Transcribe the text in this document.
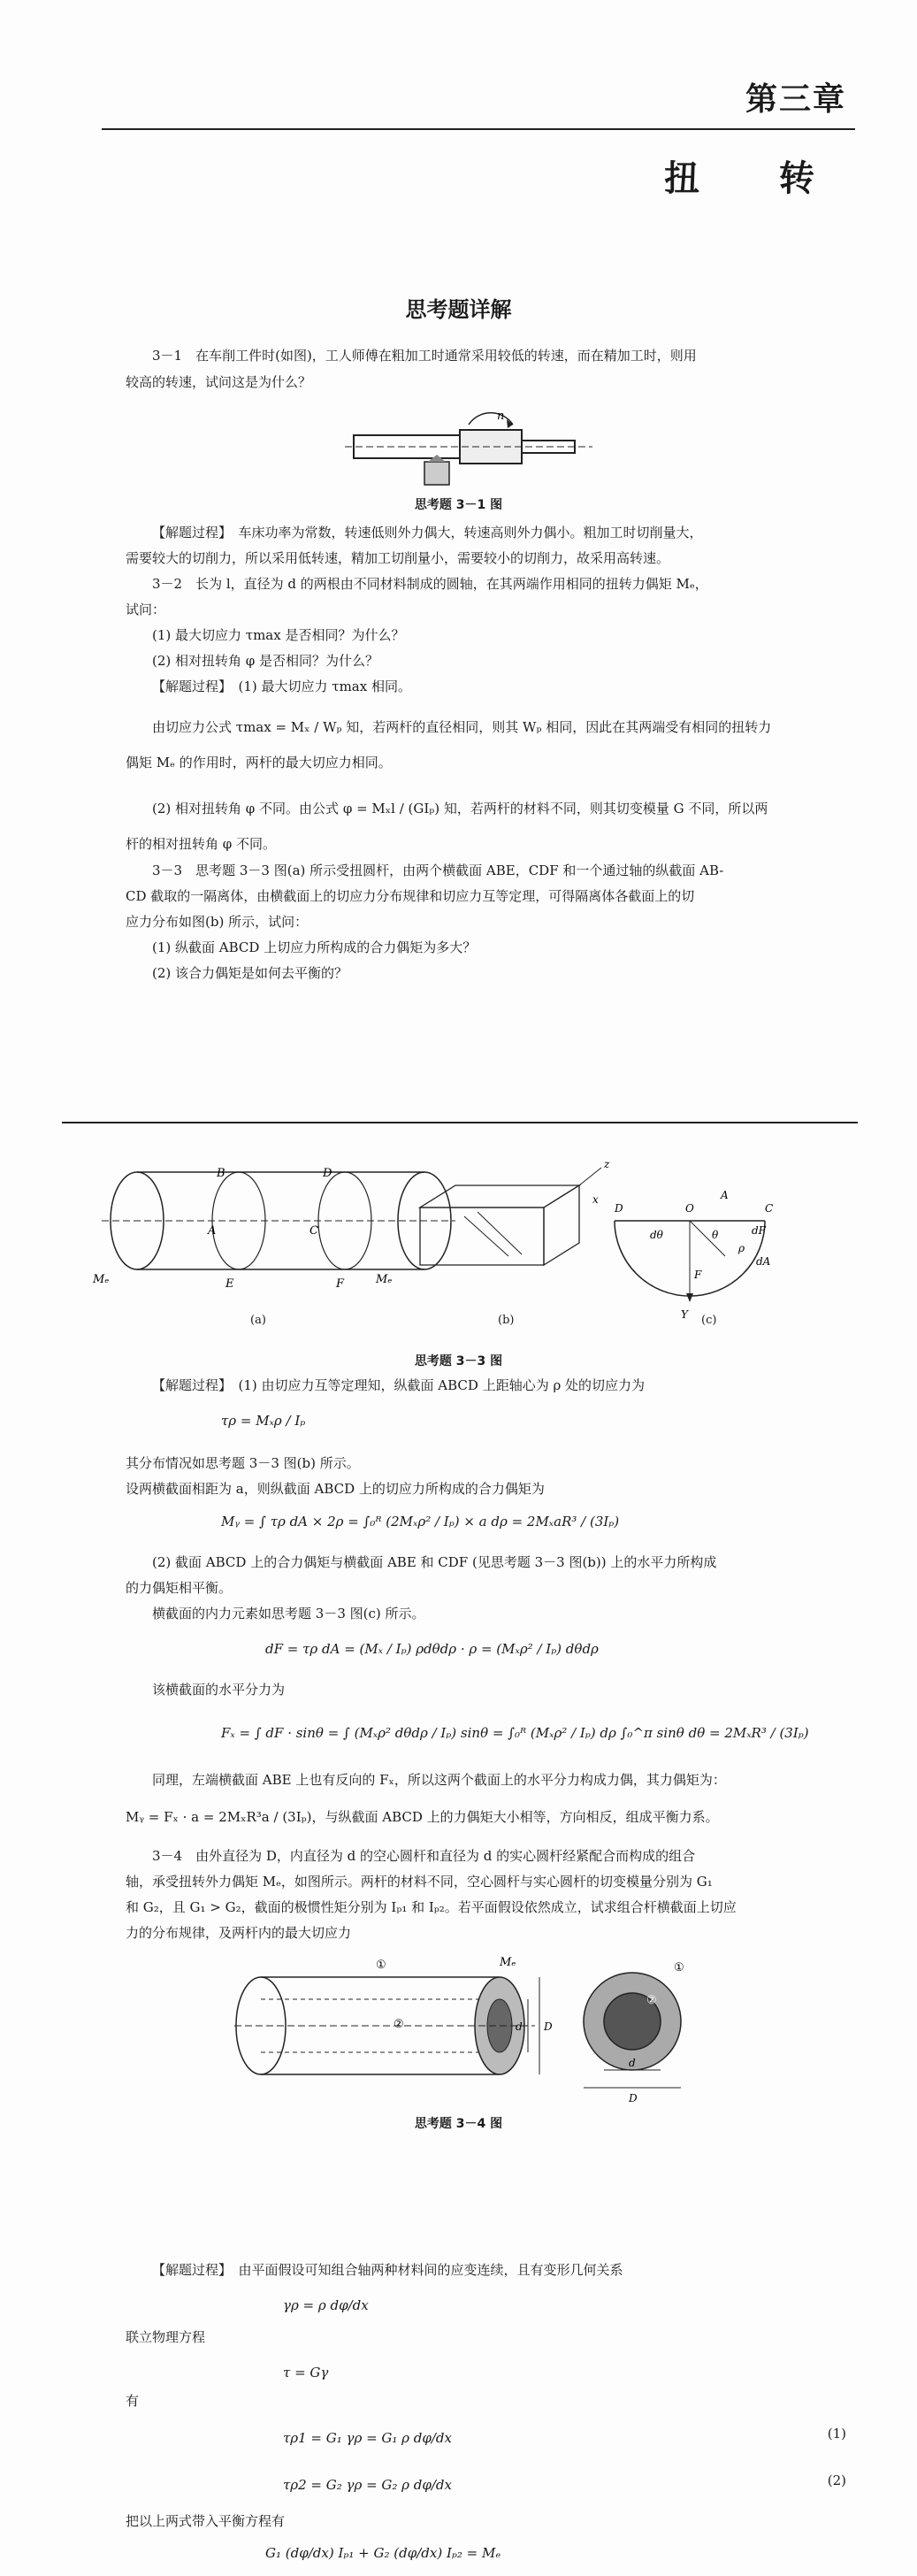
第三章
扭 转
思考题详解
3－1　在车削工件时(如图)，工人师傅在粗加工时通常采用较低的转速，而在精加工时，则用
较高的转速，试问这是为什么？
n
思考题 3－1 图
【解题过程】　车床功率为常数，转速低则外力偶大，转速高则外力偶小。粗加工时切削量大，
需要较大的切削力，所以采用低转速，精加工切削量小，需要较小的切削力，故采用高转速。
3－2　长为 l，直径为 d 的两根由不同材料制成的圆轴，在其两端作用相同的扭转力偶矩 Mₑ，
试问：
(1) 最大切应力 τmax 是否相同？为什么？
(2) 相对扭转角 φ 是否相同？为什么？
【解题过程】　(1) 最大切应力 τmax 相同。
由切应力公式 τmax = Mₓ / Wₚ 知，若两杆的直径相同，则其 Wₚ 相同，因此在其两端受有相同的扭转力
偶矩 Mₑ 的作用时，两杆的最大切应力相同。
(2) 相对扭转角 φ 不同。由公式 φ = Mₓl / (GIₚ) 知，若两杆的材料不同，则其切变模量 G 不同，所以两
杆的相对扭转角 φ 不同。
3－3　思考题 3－3 图(a) 所示受扭圆杆，由两个横截面 ABE，CDF 和一个通过轴的纵截面 AB-
CD 截取的一隔离体，由横截面上的切应力分布规律和切应力互等定理，可得隔离体各截面上的切
应力分布如图(b) 所示，试问：
(1) 纵截面 ABCD 上切应力所构成的合力偶矩为多大？
(2) 该合力偶矩是如何去平衡的？
B	D
A	C
E	F
Mₑ	Mₑ
z
x
D	O
A
C
F
ρ
θ
dθ	dF
dA
Y
(a)	(b)	(c)
思考题 3－3 图
【解题过程】　(1) 由切应力互等定理知，纵截面 ABCD 上距轴心为 ρ 处的切应力为
τρ = Mₓρ / Iₚ
其分布情况如思考题 3－3 图(b) 所示。
设两横截面相距为 a，则纵截面 ABCD 上的切应力所构成的合力偶矩为
Mᵧ = ∫ τρ dA × 2ρ = ∫₀ᴿ (2Mₓρ² / Iₚ) × a dρ = 2MₓaR³ / (3Iₚ)
(2) 截面 ABCD 上的合力偶矩与横截面 ABE 和 CDF (见思考题 3－3 图(b)) 上的水平力所构成
的力偶矩相平衡。
横截面的内力元素如思考题 3－3 图(c) 所示。
dF = τρ dA = (Mₓ / Iₚ) ρdθdρ · ρ = (Mₓρ² / Iₚ) dθdρ
该横截面的水平分力为
Fₓ = ∫ dF · sinθ = ∫ (Mₓρ² dθdρ / Iₚ) sinθ = ∫₀ᴿ (Mₓρ² / Iₚ) dρ ∫₀^π sinθ dθ = 2MₓR³ / (3Iₚ)
同理，左端横截面 ABE 上也有反向的 Fₓ，所以这两个截面上的水平分力构成力偶，其力偶矩为：
Mᵧ = Fₓ · a = 2MₓR³a / (3Iₚ)，与纵截面 ABCD 上的力偶矩大小相等，方向相反，组成平衡力系。
3－4　由外直径为 D，内直径为 d 的空心圆杆和直径为 d 的实心圆杆经紧配合而构成的组合
轴，承受扭转外力偶矩 Mₑ，如图所示。两杆的材料不同，空心圆杆与实心圆杆的切变模量分别为 G₁
和 G₂，且 G₁ > G₂，截面的极惯性矩分别为 Iₚ₁ 和 Iₚ₂。若平面假设依然成立，试求组合杆横截面上切应
力的分布规律，及两杆内的最大切应力
①
②
Mₑ
D
d
①
②
d
D
思考题 3－4 图
【解题过程】　由平面假设可知组合轴两种材料间的应变连续，且有变形几何关系
γρ = ρ dφ/dx
联立物理方程
τ = Gγ
有
τρ1 = G₁ γρ = G₁ ρ dφ/dx	(1)
τρ2 = G₂ γρ = G₂ ρ dφ/dx	(2)
把以上两式带入平衡方程有
G₁ (dφ/dx) Iₚ₁ + G₂ (dφ/dx) Iₚ₂ = Mₑ
